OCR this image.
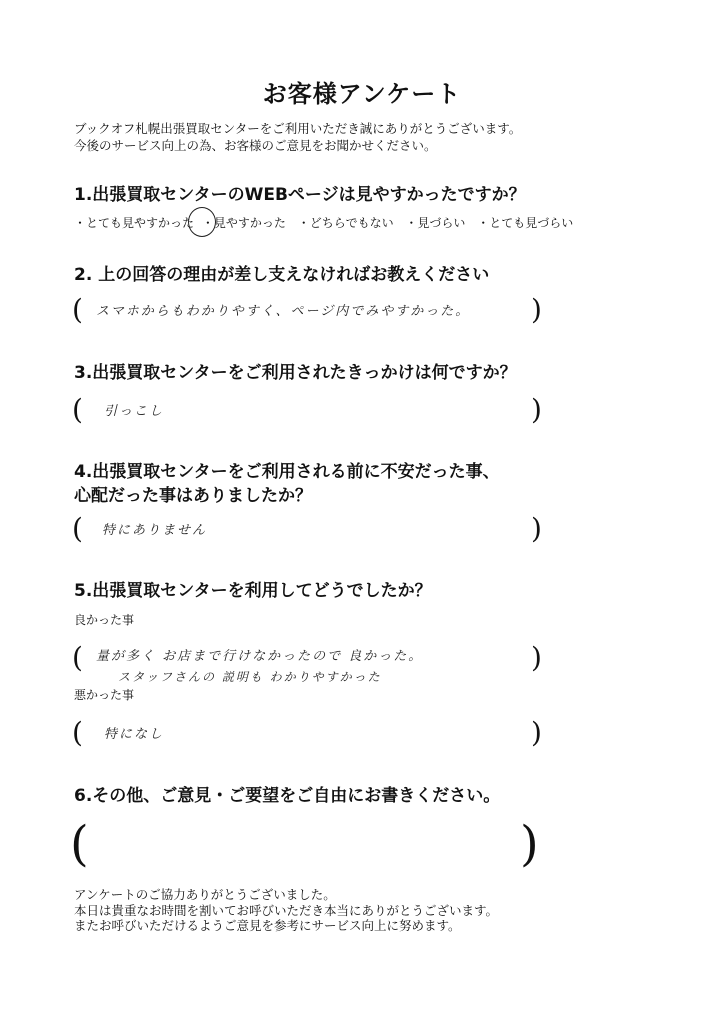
お客様アンケート
ブックオフ札幌出張買取センターをご利用いただき誠にありがとうございます。
今後のサービス向上の為、お客様のご意見をお聞かせください。
1.出張買取センターのWEBページは見やすかったですか？
・とても見やすかった ・見やすかった ・どちらでもない ・見づらい ・とても見づらい
2. 上の回答の理由が差し支えなければお教えください
( スマホからもわかりやすく、ページ内でみやすかった。 )
3.出張買取センターをご利用されたきっかけは何ですか？
( 引っこし	)
4.出張買取センターをご利用される前に不安だった事、
心配だった事はありましたか？
( 特にありません	)
5.出張買取センターを利用してどうでしたか？
良かった事
( 量が多く お店まで行けなかったので 良かった。
スタッフさんの 説明も わかりやすかった
)
悪かった事
( 特になし	)
6.その他、ご意見・ご要望をご自由にお書きください。
(	)
アンケートのご協力ありがとうございました。
本日は貴重なお時間を割いてお呼びいただき本当にありがとうございます。
またお呼びいただけるようご意見を参考にサービス向上に努めます。
